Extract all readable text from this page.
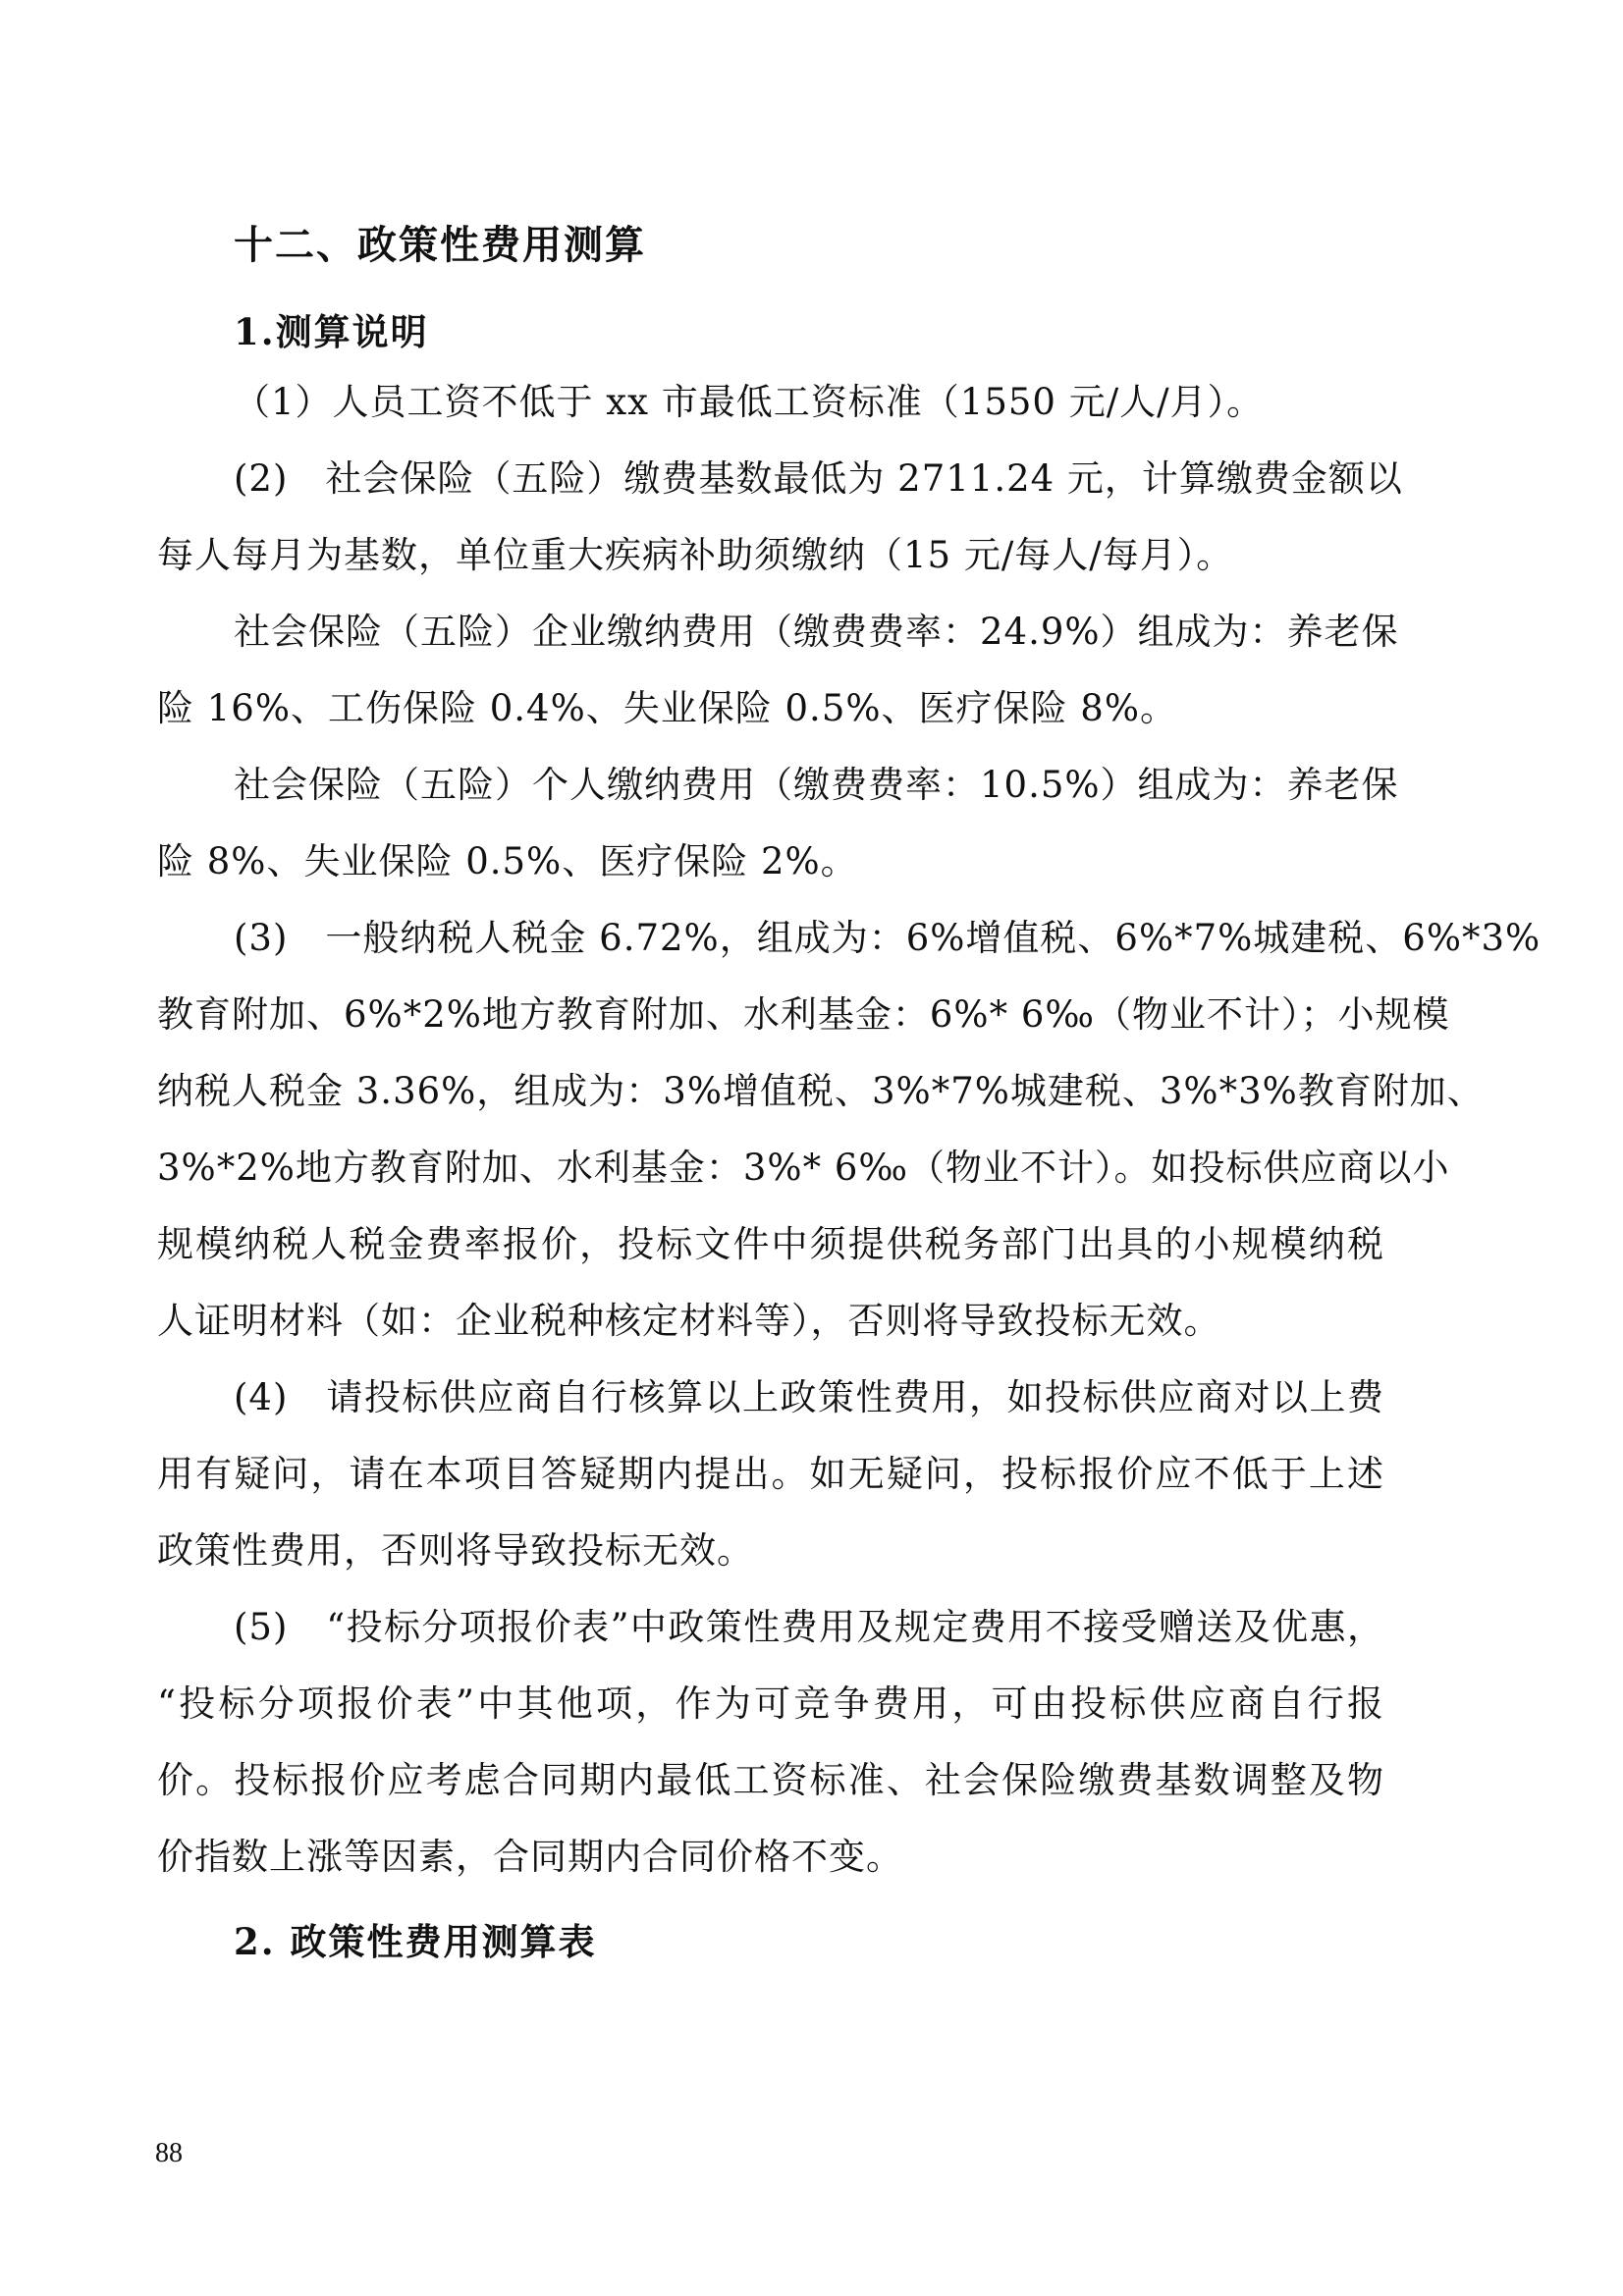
十二、政策性费用测算
1.测算说明
（1）人员工资不低于 xx 市最低工资标准（1550 元/人/月）。
(2)　社会保险（五险）缴费基数最低为 2711.24 元，计算缴费金额以
每人每月为基数，单位重大疾病补助须缴纳（15 元/每人/每月）。
社会保险（五险）企业缴纳费用（缴费费率：24.9%）组成为：养老保
险 16%、工伤保险 0.4%、失业保险 0.5%、医疗保险 8%。
社会保险（五险）个人缴纳费用（缴费费率：10.5%）组成为：养老保
险 8%、失业保险 0.5%、医疗保险 2%。
(3)　一般纳税人税金 6.72%，组成为：6%增值税、6%*7%城建税、6%*3%
教育附加、6%*2%地方教育附加、水利基金：6%* 6‰（物业不计）；小规模
纳税人税金 3.36%，组成为：3%增值税、3%*7%城建税、3%*3%教育附加、
3%*2%地方教育附加、水利基金：3%* 6‰（物业不计）。如投标供应商以小
规模纳税人税金费率报价，投标文件中须提供税务部门出具的小规模纳税
人证明材料（如：企业税种核定材料等），否则将导致投标无效。
(4)　请投标供应商自行核算以上政策性费用，如投标供应商对以上费
用有疑问，请在本项目答疑期内提出。如无疑问，投标报价应不低于上述
政策性费用，否则将导致投标无效。
(5)　“投标分项报价表”中政策性费用及规定费用不接受赠送及优惠，
“投标分项报价表”中其他项，作为可竞争费用，可由投标供应商自行报
价。投标报价应考虑合同期内最低工资标准、社会保险缴费基数调整及物
价指数上涨等因素，合同期内合同价格不变。
2. 政策性费用测算表
88
